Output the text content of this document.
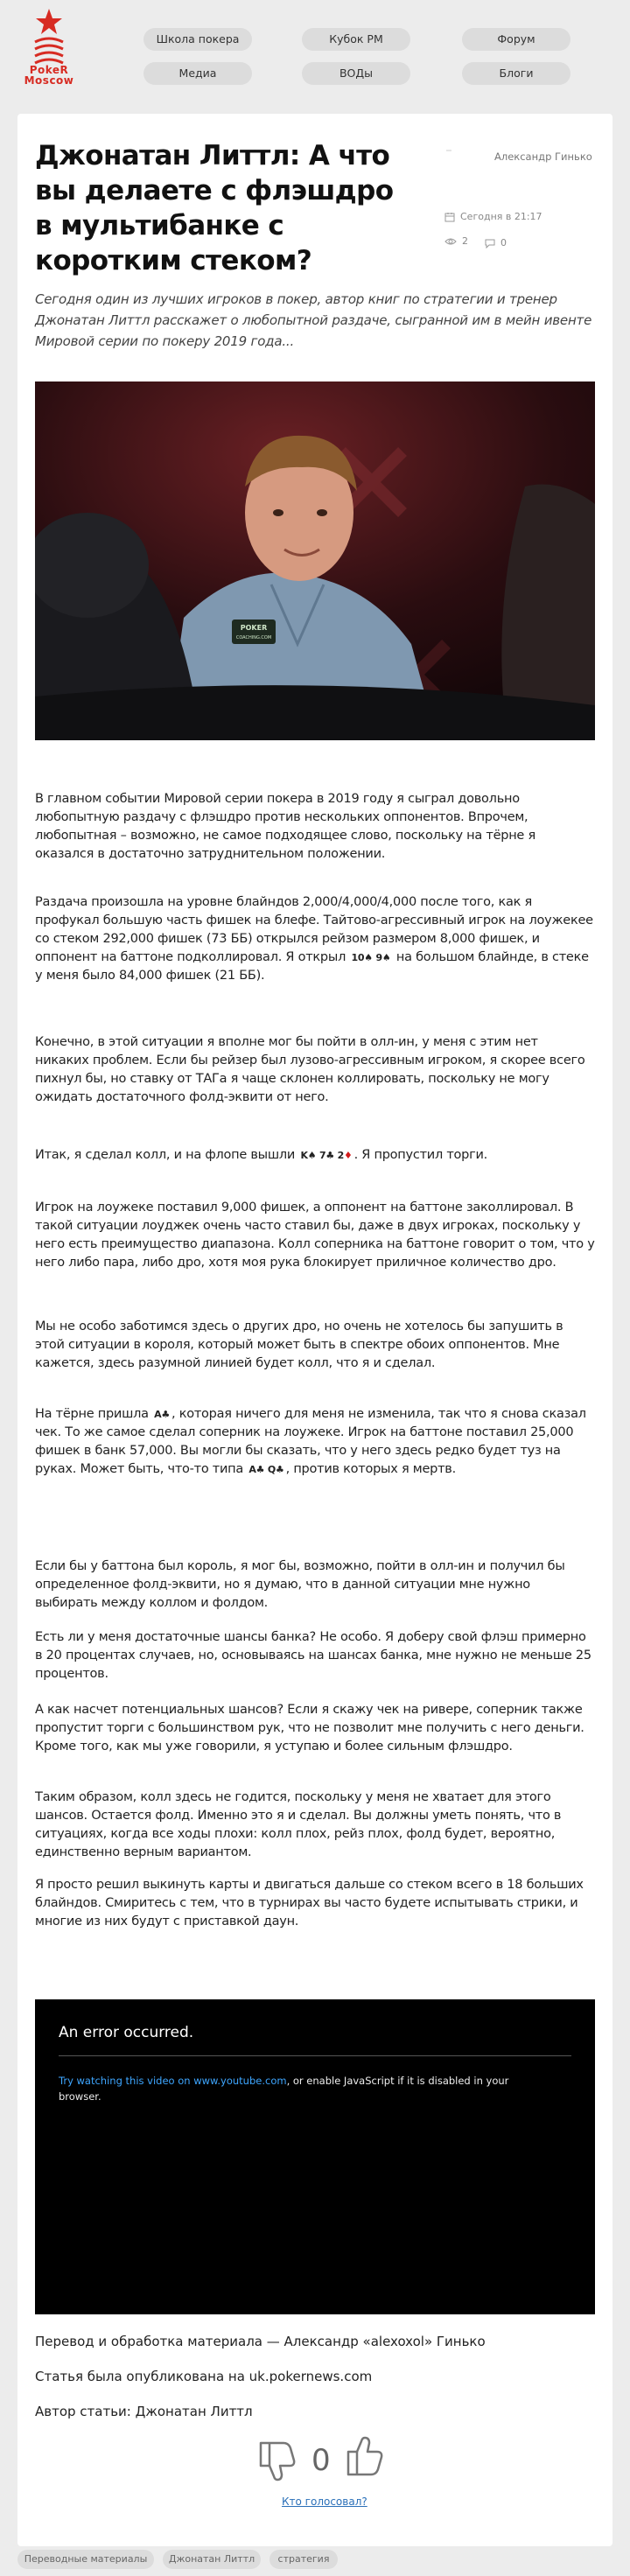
PokeR
Moscow
Школа покера	Кубок PM	Форум
Медиа	ВОДы	Блоги
Джонатан Литтл: А что вы делаете с флэшдро в мультибанке с коротким стеком?
Александр Гинько
Сегодня в 21:17
2	0

Сегодня один из лучших игроков в покер, автор книг по стратегии и тренер Джонатан Литтл расскажет о любопытной раздаче, сыгранной им в мейн ивенте Мировой серии по покеру 2019 года...

POKER
COACHING.COM

В главном событии Мировой серии покера в 2019 году я сыграл довольно любопытную раздачу с флэшдро против нескольких оппонентов. Впрочем, любопытная – возможно, не самое подходящее слово, поскольку на тёрне я оказался в достаточно затруднительном положении.

Раздача произошла на уровне блайндов 2,000/4,000/4,000 после того, как я профукал большую часть фишек на блефе. Тайтово-агрессивный игрок на лоужекее со стеком 292,000 фишек (73 ББ) открылся рейзом размером 8,000 фишек, и оппонент на баттоне подколлировал. Я открыл 10♠ 9♠ на большом блайнде, в стеке у меня было 84,000 фишек (21 ББ).

Конечно, в этой ситуации я вполне мог бы пойти в олл-ин, у меня с этим нет никаких проблем. Если бы рейзер был лузово-агрессивным игроком, я скорее всего пихнул бы, но ставку от ТАГа я чаще склонен коллировать, поскольку не могу ожидать достаточного фолд-эквити от него.

Итак, я сделал колл, и на флопе вышли K♠ 7♣ 2♦ . Я пропустил торги.

Игрок на лоужеке поставил 9,000 фишек, а оппонент на баттоне заколлировал. В такой ситуации лоуджек очень часто ставил бы, даже в двух игроках, поскольку у него есть преимущество диапазона. Колл соперника на баттоне говорит о том, что у него либо пара, либо дро, хотя моя рука блокирует приличное количество дро.

Мы не особо заботимся здесь о других дро, но очень не хотелось бы запушить в этой ситуации в короля, который может быть в спектре обоих оппонентов. Мне кажется, здесь разумной линией будет колл, что я и сделал.

На тёрне пришла A♣ , которая ничего для меня не изменила, так что я снова сказал чек. То же самое сделал соперник на лоужеке. Игрок на баттоне поставил 25,000 фишек в банк 57,000. Вы могли бы сказать, что у него здесь редко будет туз на руках. Может быть, что-то типа A♣ Q♣ , против которых я мертв.

Если бы у баттона был король, я мог бы, возможно, пойти в олл-ин и получил бы определенное фолд-эквити, но я думаю, что в данной ситуации мне нужно выбирать между коллом и фолдом.

Есть ли у меня достаточные шансы банка? Не особо. Я доберу свой флэш примерно в 20 процентах случаев, но, основываясь на шансах банка, мне нужно не меньше 25 процентов.

А как насчет потенциальных шансов? Если я скажу чек на ривере, соперник также пропустит торги с большинством рук, что не позволит мне получить с него деньги. Кроме того, как мы уже говорили, я уступаю и более сильным флэшдро.

Таким образом, колл здесь не годится, поскольку у меня не хватает для этого шансов. Остается фолд. Именно это я и сделал. Вы должны уметь понять, что в ситуациях, когда все ходы плохи: колл плох, рейз плох, фолд будет, вероятно, единственно верным вариантом.

Я просто решил выкинуть карты и двигаться дальше со стеком всего в 18 больших блайндов. Смиритесь с тем, что в турнирах вы часто будете испытывать стрики, и многие из них будут с приставкой даун.

An error occurred.
Try watching this video on www.youtube.com, or enable JavaScript if it is disabled in your browser.
Перевод и обработка материала — Александр «alexoxol» Гинько
Статья была опубликована на uk.pokernews.com
Автор статьи: Джонатан Литтл
0
Кто голосовал?
Переводные материалы	Джонатан Литтл	стратегия
